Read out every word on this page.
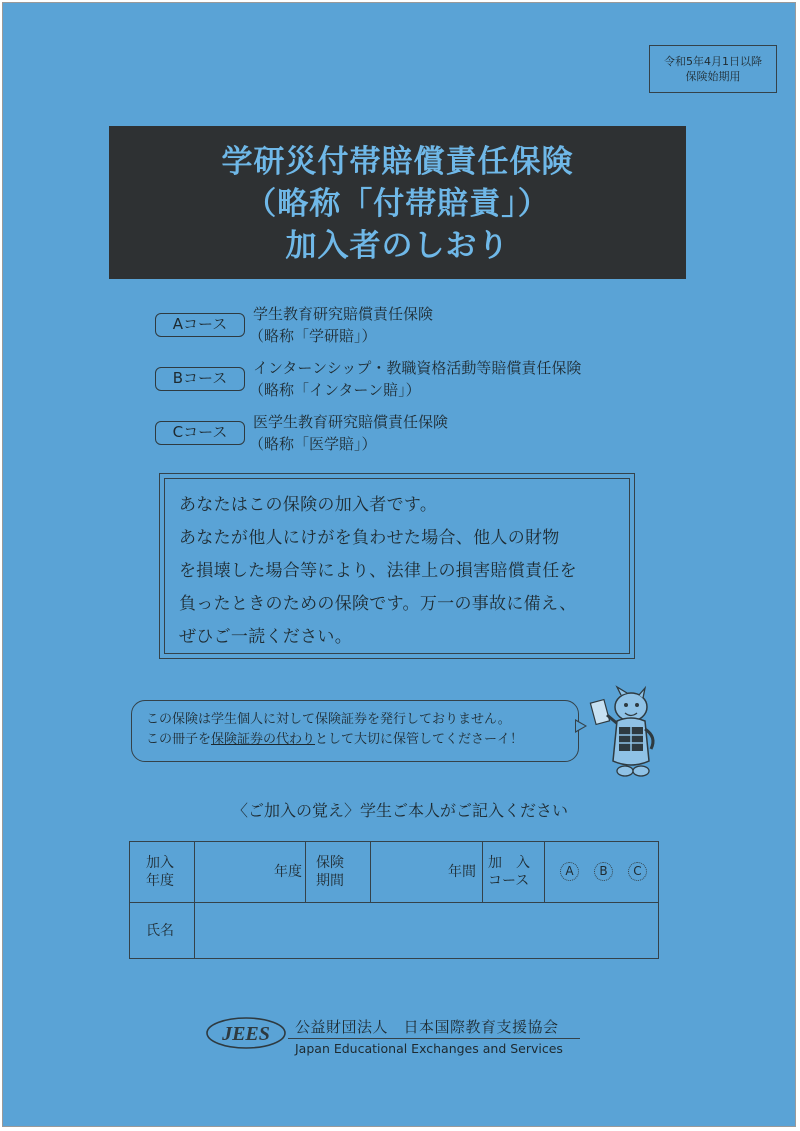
令和5年4月1日以降
保険始期用
学研災付帯賠償責任保険
（略称「付帯賠責」）
加入者のしおり
Aコース
学生教育研究賠償責任保険
（略称「学研賠」）
Bコース
インターンシップ・教職資格活動等賠償責任保険
（略称「インターン賠」）
Cコース
医学生教育研究賠償責任保険
（略称「医学賠」）
あなたはこの保険の加入者です。
あなたが他人にけがを負わせた場合、他人の財物
を損壊した場合等により、法律上の損害賠償責任を
負ったときのための保険です。万一の事故に備え、
ぜひご一読ください。
この保険は学生個人に対して保険証券を発行しておりません。
この冊子を保険証券の代わりとして大切に保管してくださーイ！
〈ご加入の覚え〉学生ご本人がご記入ください
加入
年度
年度
保険
期間
年間
加　入
コース
A	B	C
氏名
JEES 公益財団法人　日本国際教育支援協会
Japan Educational Exchanges and Services
